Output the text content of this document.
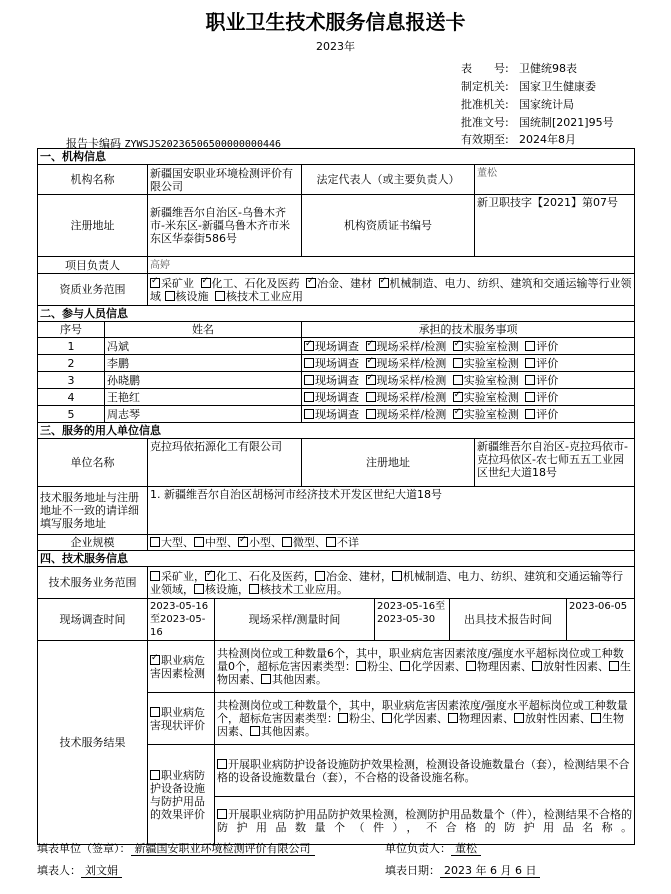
职业卫生技术服务信息报送卡
2023年
表　　号: 卫健统98表
制定机关: 国家卫生健康委
批准机关: 国家统计局
批准文号: 国统制[2021]95号
有效期至: 2024年8月
报告卡编码 ZYWSJS20236506500000000446
一、机构信息								
机构名称		新疆国安职业环境检测评价有限公司		法定代表人（或主要负责人）			董松	
注册地址		新疆维吾尔自治区-乌鲁木齐市-米东区-新疆乌鲁木齐市米东区华泰街586号		机构资质证书编号			新卫职技字【2021】第07号	
项目负责人		高婷						
资质业务范围	✓采矿业 ✓ 化工、石化及医药 ✓ 冶金、建材 ✓ 机械制造、电力、纺织、建筑和交通运输等行业领域 核设施 核技术工业应用
二、参与人员信息								
序号	姓名			承担的技术服务事项				
1	冯斌	✓现场调查 ✓ 现场采样/检测 ✓ 实验室检测 评价
2	李鹏			现场调查 ✓ 现场采样/检测 实验室检测 评价
3	孙晓鹏			现场调查 ✓ 现场采样/检测 实验室检测 评价
4	王艳红			现场调查 现场采样/检测 ✓ 实验室检测 评价
5	周志琴			现场调查 现场采样/检测 ✓ 实验室检测 评价
三、服务的用人单位信息								
单位名称		克拉玛依拓源化工有限公司		注册地址			新疆维吾尔自治区-克拉玛依市-克拉玛依区-农七师五五工业园区世纪大道18号	
技术服务地址与注册地址不一致的请详细填写服务地址		1. 新疆维吾尔自治区胡杨河市经济技术开发区世纪大道18号						
企业规模		大型、 中型、 ✓ 小型、 微型、 不详
四、技术服务信息								
技术服务业务范围		采矿业， ✓ 化工、石化及医药， 冶金、建材， 机械制造、电力、纺织、建筑和交通运输等行业领域， 核设施， 核技术工业应用。
现场调查时间		2023-05-16至2023-05-16	现场采样/测量时间		2023-05-16至2023-05-30	出具技术报告时间		2023-06-05
技术服务结果	✓职业病危害因素检测	共检测岗位或工种数量6个，其中，职业病危害因素浓度/强度水平超标岗位或工种数量0个，超标危害因素类型： 粉尘、 化学因素、 物理因素、 放射性因素、 生物因素、 其他因素。					
		职业病危害现状评价	共检测岗位或工种数量个，其中，职业病危害因素浓度/强度水平超标岗位或工种数量个，超标危害因素类型： 粉尘、 化学因素、 物理因素、 放射性因素、 生物因素、 其他因素。					
		职业病防护设备设施与防护用品的效果评价	开展职业病防护设备设施防护效果检测，检测设备设施数量台（套），检测结果不合格的设备设施数量台（套），不合格的设备设施名称。					
			开展职业病防护用品防护效果检测，检测防护用品数量个（件），检测结果不合格的防护用品数量个（件），不合格的防护用品名称。					
填表单位（签章）： 新疆国安职业环境检测评价有限公司	单位负责人： 董松
填表人： 刘文娟	填表日期： 2023 年 6 月 6 日
